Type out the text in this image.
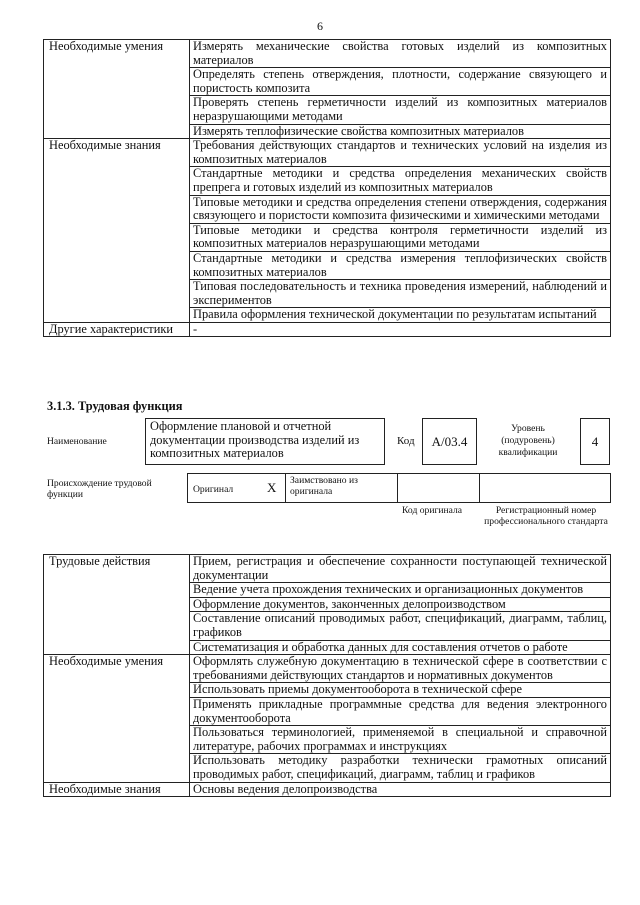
6
Необходимые умения	Измерять механические свойства готовых изделий из композитных материалов
	Определять степень отверждения, плотности, содержание связующего и пористость композита
	Проверять степень герметичности изделий из композитных материалов неразрушающими методами
	Измерять теплофизические свойства композитных материалов
Необходимые знания	Требования действующих стандартов и технических условий на изделия из композитных материалов
	Стандартные методики и средства определения механических свойств препрега и готовых изделий из композитных материалов
	Типовые методики и средства определения степени отверждения, содержания связующего и пористости композита физическими и химическими методами
	Типовые методики и средства контроля герметичности изделий из композитных материалов неразрушающими методами
	Стандартные методики и средства измерения теплофизических свойств композитных материалов
	Типовая последовательность и техника проведения измерений, наблюдений и экспериментов
	Правила оформления технической документации по результатам испытаний
Другие характеристики	-
3.1.3. Трудовая функция
Наименование
Оформление плановой и отчетной документации производства изделий из композитных материалов
Код А/03.4
Уровень (подуровень) квалификации
4
Происхождение трудовой функции	Оригинал	X Заимствовано из оригинала
Код оригинала	Регистрационный номер профессионального стандарта
Трудовые действия	Прием, регистрация и обеспечение сохранности поступающей технической документации
	Ведение учета прохождения технических и организационных документов
	Оформление документов, законченных делопроизводством
	Составление описаний проводимых работ, спецификаций, диаграмм, таблиц, графиков
	Систематизация и обработка данных для составления отчетов о работе
Необходимые умения	Оформлять служебную документацию в технической сфере в соответствии с требованиями действующих стандартов и нормативных документов
	Использовать приемы документооборота в технической сфере
	Применять прикладные программные средства для ведения электронного документооборота
	Пользоваться терминологией, применяемой в специальной и справочной литературе, рабочих программах и инструкциях
	Использовать методику разработки технически грамотных описаний проводимых работ, спецификаций, диаграмм, таблиц и графиков
Необходимые знания	Основы ведения делопроизводства
